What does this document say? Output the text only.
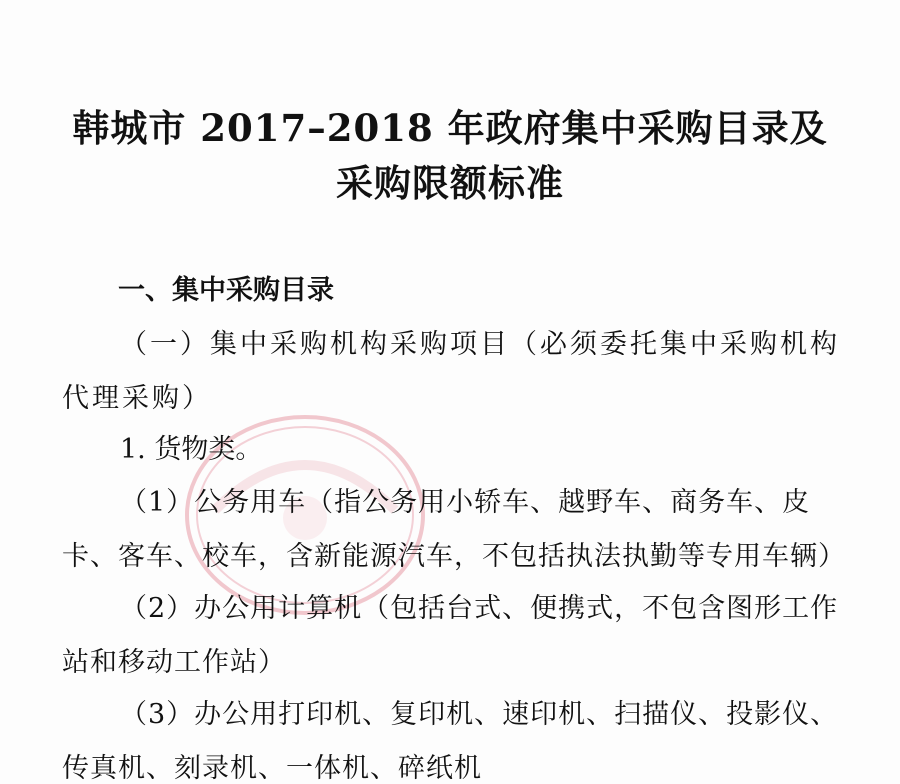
韩城市 2017–2018 年政府集中采购目录及
采购限额标准
一、集中采购目录
（一）集中采购机构采购项目（必须委托集中采购机构代理采购）
1. 货物类。
（1）公务用车（指公务用小轿车、越野车、商务车、皮卡、客车、校车，含新能源汽车，不包括执法执勤等专用车辆）
（2）办公用计算机（包括台式、便携式，不包含图形工作站和移动工作站）
（3）办公用打印机、复印机、速印机、扫描仪、投影仪、传真机、刻录机、一体机、碎纸机
